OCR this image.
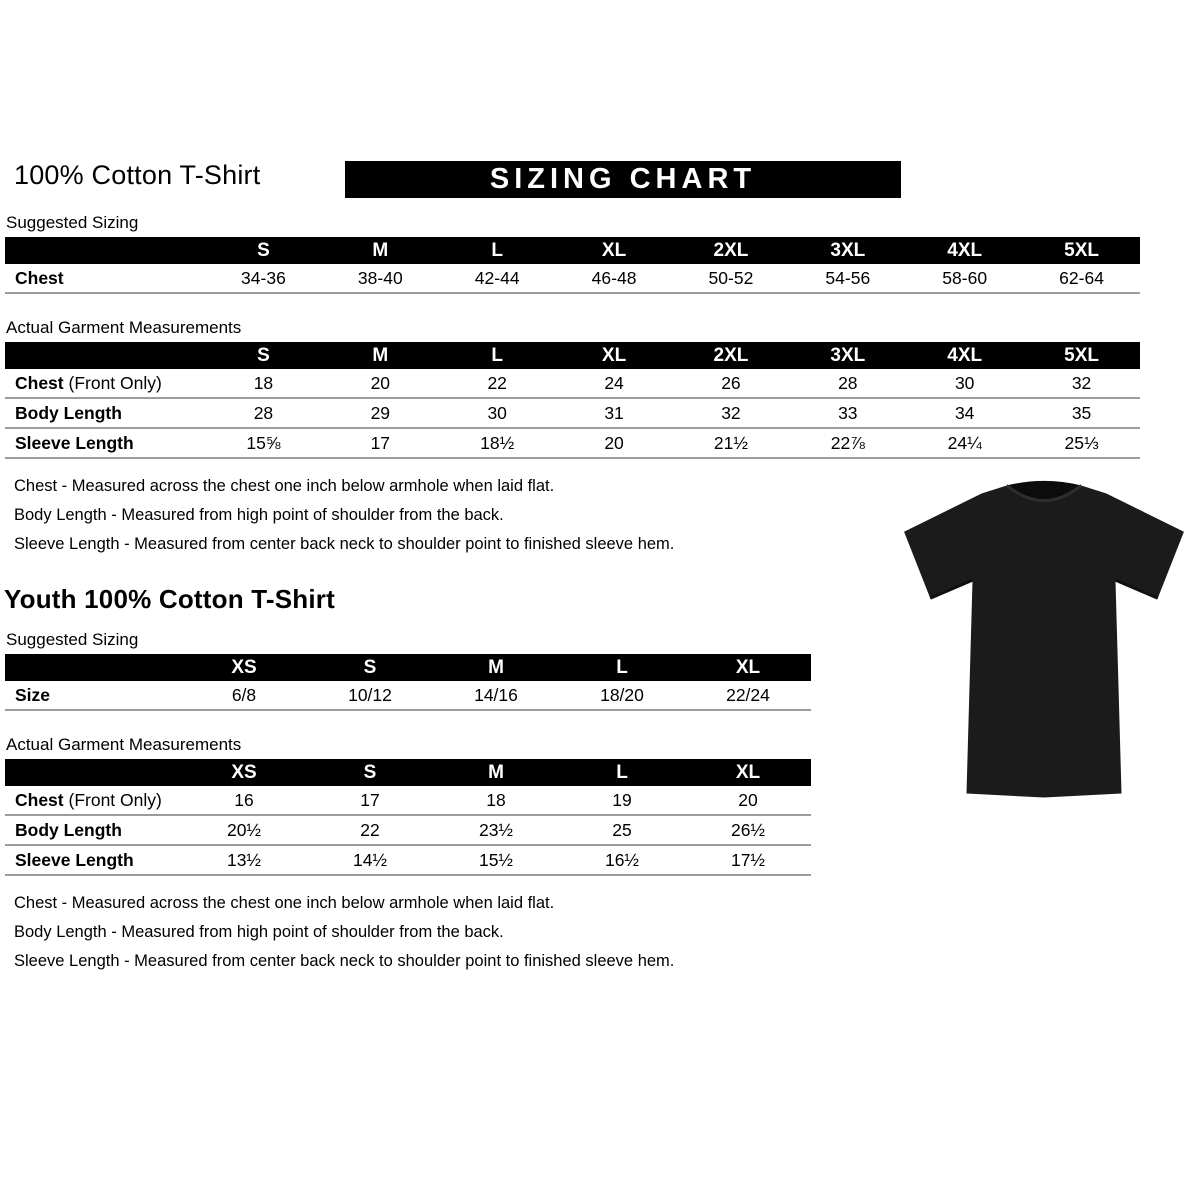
100% Cotton T-Shirt	SIZING CHART
Suggested Sizing
	S	M	L	XL	2XL	3XL	4XL	5XL
Chest	34-36	38-40	42-44	46-48	50-52	54-56	58-60	62-64
Actual Garment Measurements
	S	M	L	XL	2XL	3XL	4XL	5XL
Chest (Front Only)	18	20	22	24	26	28	30	32
Body Length	28	29	30	31	32	33	34	35
Sleeve Length	15⅝	17	18½	20	21½	22⅞	24¼	25⅓

Chest - Measured across the chest one inch below armhole when laid flat.

Body Length - Measured from high point of shoulder from the back.

Sleeve Length - Measured from center back neck to shoulder point to finished sleeve hem.

Youth 100% Cotton T-Shirt
Suggested Sizing
	XS	S	M	L	XL
Size	6/8	10/12	14/16	18/20	22/24
Actual Garment Measurements
	XS	S	M	L	XL
Chest (Front Only)	16	17	18	19	20
Body Length	20½	22	23½	25	26½
Sleeve Length	13½	14½	15½	16½	17½

Chest - Measured across the chest one inch below armhole when laid flat.

Body Length - Measured from high point of shoulder from the back.

Sleeve Length - Measured from center back neck to shoulder point to finished sleeve hem.
